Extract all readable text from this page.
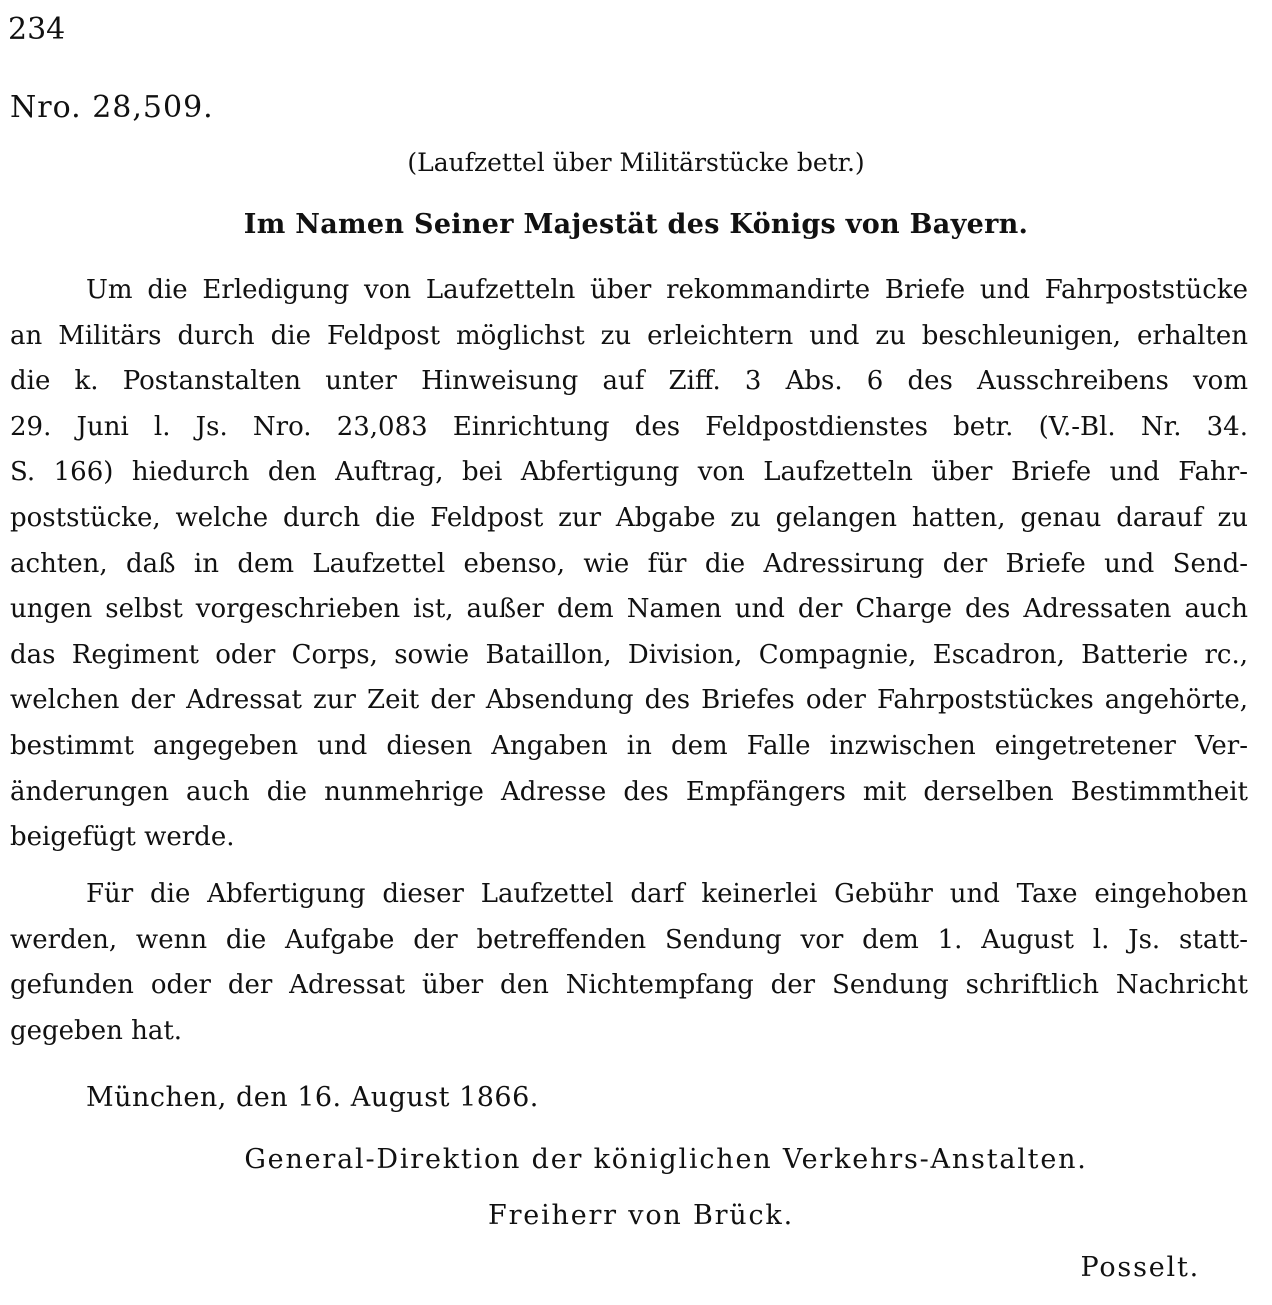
234
Nro. 28,509.
(Laufzettel über Militärstücke betr.)
Im Namen Seiner Majestät des Königs von Bayern.
Um die Erledigung von Laufzetteln über rekommandirte Briefe und Fahrpoststücke
an Militärs durch die Feldpost möglichst zu erleichtern und zu beschleunigen, erhalten
die k. Postanstalten unter Hinweisung auf Ziff. 3 Abs. 6 des Ausschreibens vom
29. Juni l. Js. Nro. 23,083 Einrichtung des Feldpostdienstes betr. (V.-Bl. Nr. 34.
S. 166) hiedurch den Auftrag, bei Abfertigung von Laufzetteln über Briefe und Fahr-
poststücke, welche durch die Feldpost zur Abgabe zu gelangen hatten, genau darauf zu
achten, daß in dem Laufzettel ebenso, wie für die Adressirung der Briefe und Send-
ungen selbst vorgeschrieben ist, außer dem Namen und der Charge des Adressaten auch
das Regiment oder Corps, sowie Bataillon, Division, Compagnie, Escadron, Batterie rc.,
welchen der Adressat zur Zeit der Absendung des Briefes oder Fahrpoststückes angehörte,
bestimmt angegeben und diesen Angaben in dem Falle inzwischen eingetretener Ver-
änderungen auch die nunmehrige Adresse des Empfängers mit derselben Bestimmtheit
beigefügt werde.
Für die Abfertigung dieser Laufzettel darf keinerlei Gebühr und Taxe eingehoben
werden, wenn die Aufgabe der betreffenden Sendung vor dem 1. August l. Js. statt-
gefunden oder der Adressat über den Nichtempfang der Sendung schriftlich Nachricht
gegeben hat.
München, den 16. August 1866.
General-Direktion der königlichen Verkehrs-Anstalten.
Freiherr von Brück.
Posselt.
